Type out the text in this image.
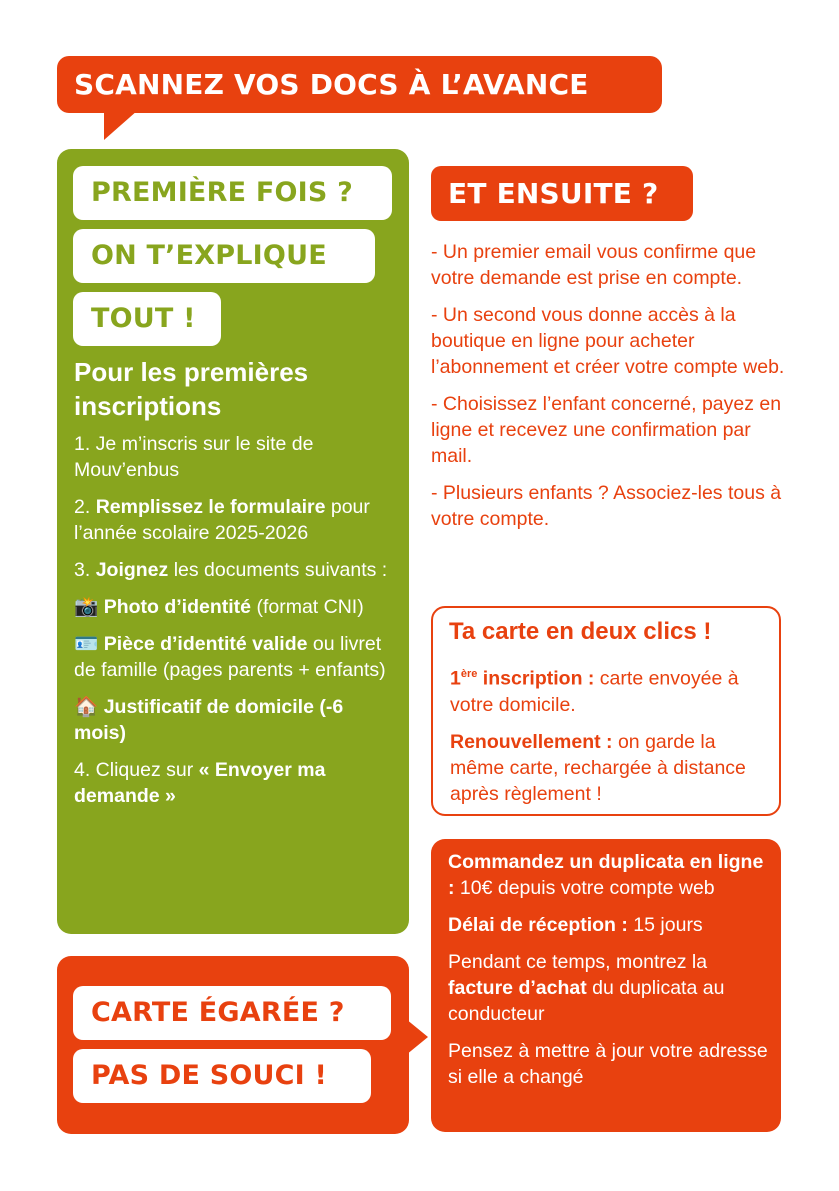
SCANNEZ VOS DOCS À L’AVANCE
PREMIÈRE FOIS ?
ON T’EXPLIQUE
TOUT !
Pour les premières inscriptions

1. Je m’inscris sur le site de Mouv’enbus

2. Remplissez le formulaire pour l’année scolaire 2025-2026

3. Joignez les documents suivants :

📸 Photo d’identité (format CNI)

🪪 Pièce d’identité valide ou livret de famille (pages parents + enfants)

🏠 Justificatif de domicile (-6 mois)

4. Cliquez sur « Envoyer ma demande »

ET ENSUITE ?

- Un premier email vous confirme que votre demande est prise en compte.

- Un second vous donne accès à la boutique en ligne pour acheter l’abonnement et créer votre compte web.

- Choisissez l’enfant concerné, payez en ligne et recevez une confirmation par mail.

- Plusieurs enfants ? Associez-les tous à votre compte.

Ta carte en deux clics !

1ère inscription : carte envoyée à votre domicile.

Renouvellement : on garde la même carte, rechargée à distance après règlement !

Commandez un duplicata en ligne : 10€ depuis votre compte web

Délai de réception : 15 jours

Pendant ce temps, montrez la facture d’achat du duplicata au conducteur

Pensez à mettre à jour votre adresse si elle a changé

CARTE ÉGARÉE ?
PAS DE SOUCI !
